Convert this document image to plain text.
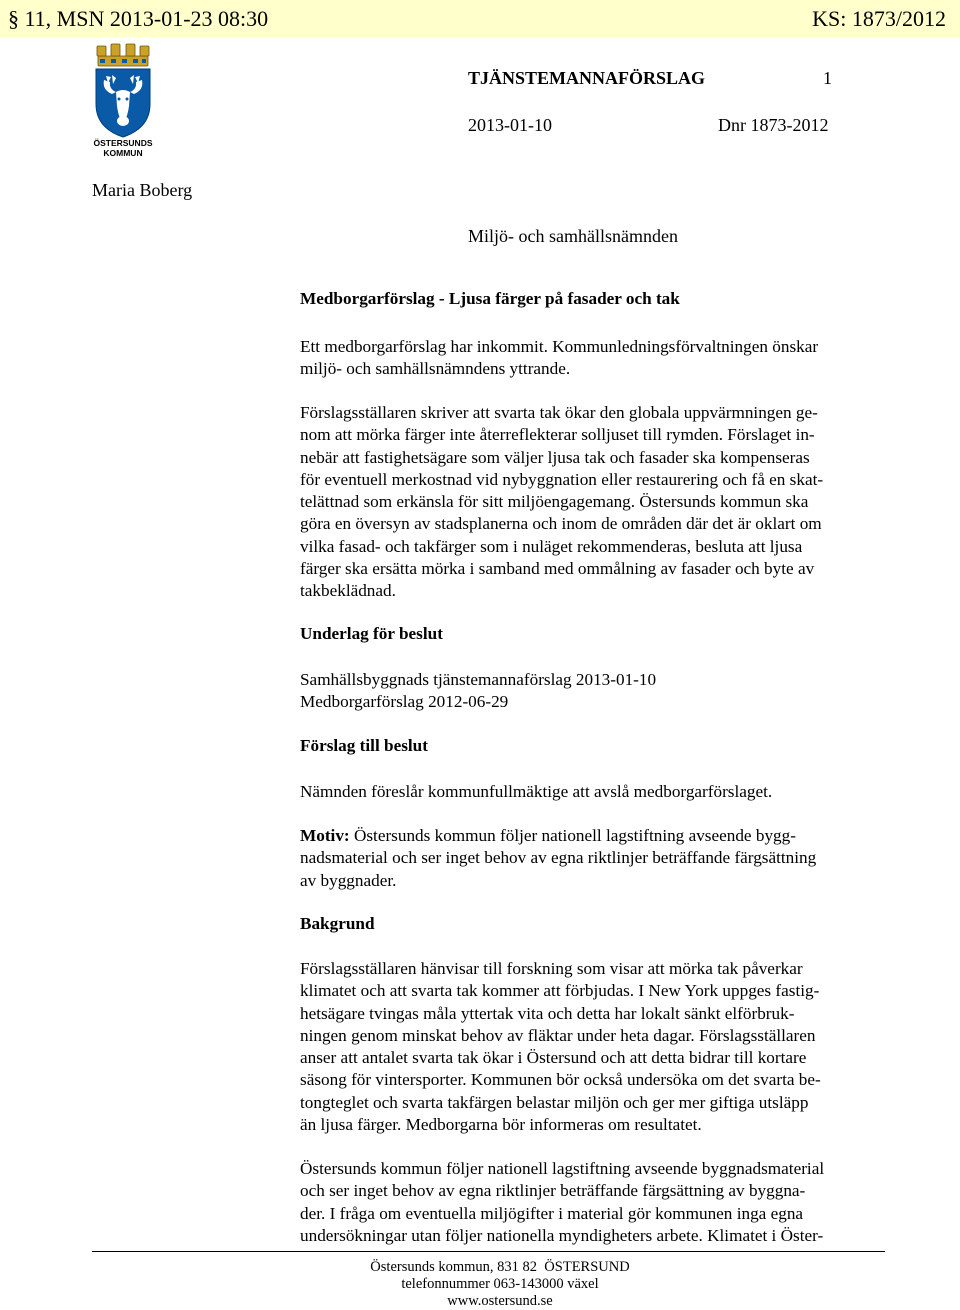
§ 11, MSN 2013-01-23 08:30	KS: 1873/2012
ÖSTERSUNDS
KOMMUN
TJÄNSTEMANNAFÖRSLAG	1
2013-01-10	Dnr 1873-2012
Maria Boberg
Miljö- och samhällsnämnden
Medborgarförslag - Ljusa färger på fasader och tak
Ett medborgarförslag har inkommit. Kommunledningsförvaltningen önskar
miljö- och samhällsnämndens yttrande.
Förslagsställaren skriver att svarta tak ökar den globala uppvärmningen ge-
nom att mörka färger inte återreflekterar solljuset till rymden. Förslaget in-
nebär att fastighetsägare som väljer ljusa tak och fasader ska kompenseras
för eventuell merkostnad vid nybyggnation eller restaurering och få en skat-
telättnad som erkänsla för sitt miljöengagemang. Östersunds kommun ska
göra en översyn av stadsplanerna och inom de områden där det är oklart om
vilka fasad- och takfärger som i nuläget rekommenderas, besluta att ljusa
färger ska ersätta mörka i samband med ommålning av fasader och byte av
takbeklädnad.
Underlag för beslut
Samhällsbyggnads tjänstemannaförslag 2013-01-10
Medborgarförslag 2012-06-29
Förslag till beslut
Nämnden föreslår kommunfullmäktige att avslå medborgarförslaget.
Motiv: Östersunds kommun följer nationell lagstiftning avseende bygg-
nadsmaterial och ser inget behov av egna riktlinjer beträffande färgsättning
av byggnader.
Bakgrund
Förslagsställaren hänvisar till forskning som visar att mörka tak påverkar
klimatet och att svarta tak kommer att förbjudas. I New York uppges fastig-
hetsägare tvingas måla yttertak vita och detta har lokalt sänkt elförbruk-
ningen genom minskat behov av fläktar under heta dagar. Förslagsställaren
anser att antalet svarta tak ökar i Östersund och att detta bidrar till kortare
säsong för vintersporter. Kommunen bör också undersöka om det svarta be-
tongteglet och svarta takfärgen belastar miljön och ger mer giftiga utsläpp
än ljusa färger. Medborgarna bör informeras om resultatet.
Östersunds kommun följer nationell lagstiftning avseende byggnadsmaterial
och ser inget behov av egna riktlinjer beträffande färgsättning av byggna-
der. I fråga om eventuella miljögifter i material gör kommunen inga egna
undersökningar utan följer nationella myndigheters arbete. Klimatet i Öster-
Östersunds kommun, 831 82  ÖSTERSUND
telefonnummer 063-143000 växel
www.ostersund.se
